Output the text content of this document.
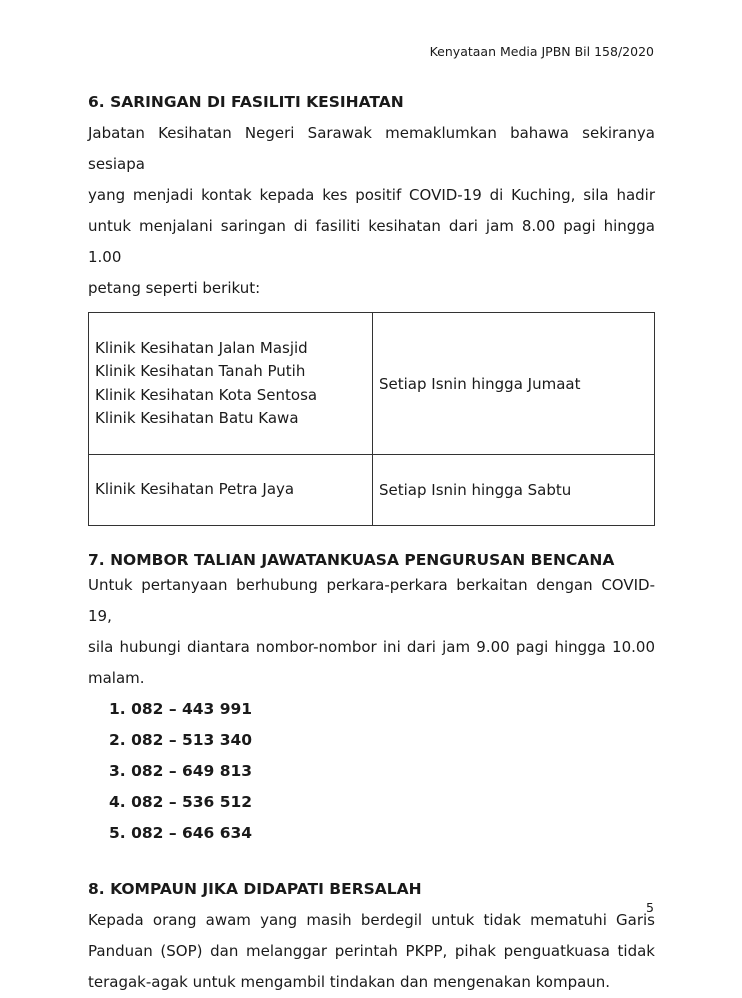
Kenyataan Media JPBN Bil 158/2020
6. SARINGAN DI FASILITI KESIHATAN

Jabatan Kesihatan Negeri Sarawak memaklumkan bahawa sekiranya sesiapa
yang menjadi kontak kepada kes positif COVID-19 di Kuching, sila hadir
untuk menjalani saringan di fasiliti kesihatan dari jam 8.00 pagi hingga 1.00
petang seperti berikut:

Klinik Kesihatan Jalan Masjid
Klinik Kesihatan Tanah Putih
Klinik Kesihatan Kota Sentosa
Klinik Kesihatan Batu Kawa	Setiap Isnin hingga Jumaat

Klinik Kesihatan Petra Jaya	Setiap Isnin hingga Sabtu
7. NOMBOR TALIAN JAWATANKUASA PENGURUSAN BENCANA

Untuk pertanyaan berhubung perkara-perkara berkaitan dengan COVID-19,
sila hubungi diantara nombor-nombor ini dari jam 9.00 pagi hingga 10.00
malam.

1. 082 – 443 991
2. 082 – 513 340
3. 082 – 649 813
4. 082 – 536 512
5. 082 – 646 634
8. KOMPAUN JIKA DIDAPATI BERSALAH

Kepada orang awam yang masih berdegil untuk tidak mematuhi Garis
Panduan (SOP) dan melanggar perintah PKPP, pihak penguatkuasa tidak
teragak-agak untuk mengambil tindakan dan mengenakan kompaun.

5
